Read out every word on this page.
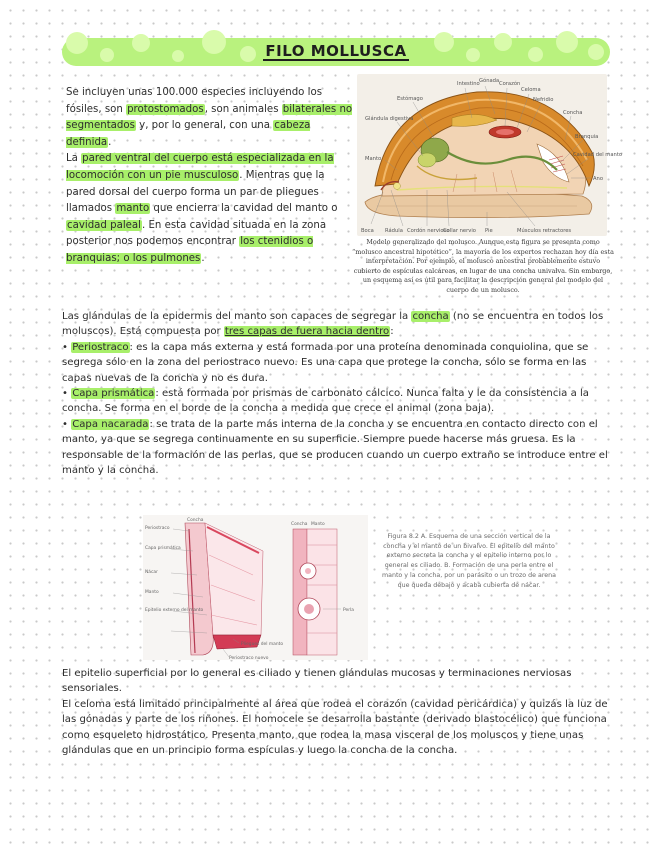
FILO MOLLUSCA
Se incluyen unas 100.000 especies incluyendo los fósiles, son protostomados, son animales bilaterales no segmentados y, por lo general, con una cabeza definida.
La pared ventral del cuerpo está especializada en la locomoción con un pie musculoso. Mientras que la pared dorsal del cuerpo forma un par de pliegues llamados manto que encierra la cavidad del manto o cavidad paleal. En esta cavidad situada en la zona posterior nos podemos encontrar los ctenidios o branquias; o los pulmones.
Intestino Gónada Corazón
Celoma
Nefridio
Estómago
Glándula digestiva
Concha
Manto
Branquia
Cavidad del manto
Ano
Boca Rádula Cordón nervioso
Collar nervio Pie	Músculos retractores
Modelo generalizado del molusco. Aunque esta figura se presenta como “molusco ancestral hipotético”, la mayoría de los expertos rechazan hoy día esta interpretación. Por ejemplo, el molusco ancestral probablemente estuvo cubierto de espículas calcáreas, en lugar de una concha univalva. Sin embargo, un esquema así es útil para facilitar la descripción general del modelo del cuerpo de un molusco.
Las glándulas de la epidermis del manto son capaces de segregar la concha (no se encuentra en todos los moluscos). Está compuesta por tres capas de fuera hacia dentro:
• Periostraco: es la capa más externa y está formada por una proteína denominada conquiolina, que se segrega sólo en la zona del periostraco nuevo. Es una capa que protege la concha, sólo se forma en las capas nuevas de la concha y no es dura.
• Capa prismática: está formada por prismas de carbonato cálcico. Nunca falta y le da consistencia a la concha. Se forma en el borde de la concha a medida que crece el animal (zona baja).
• Capa nacarada: se trata de la parte más interna de la concha y se encuentra en contacto directo con el manto, ya que se segrega continuamente en su superficie. Siempre puede hacerse más gruesa. Es la responsable de la formación de las perlas, que se producen cuando un cuerpo extraño se introduce entre el manto y la concha.
Concha
Periostraco
Capa prismática
Nácar
Manto
Epitelio externo del manto
Pliegues del manto
Periostraco nuevo
Concha Manto
Perla
Figura 8.2 A. Esquema de una sección vertical de la concha y el manto de un bivalvo. El epitelio del manto externo secreta la concha y el epitelio interno por lo general es ciliado. B. Formación de una perla entre el manto y la concha, por un parásito o un trozo de arena que queda debajo y acaba cubierta de nácar.
El epitelio superficial por lo general es ciliado y tienen glándulas mucosas y terminaciones nerviosas sensoriales.
El celoma está limitado principalmente al área que rodea el corazón (cavidad pericárdica) y quizás la luz de las gónadas y parte de los riñones. El homocele se desarrolla bastante (derivado blastocélico) que funciona como esqueleto hidrostático. Presenta manto, que rodea la masa visceral de los moluscos y tiene unas glándulas que en un principio forma espículas y luego la concha de la concha.
